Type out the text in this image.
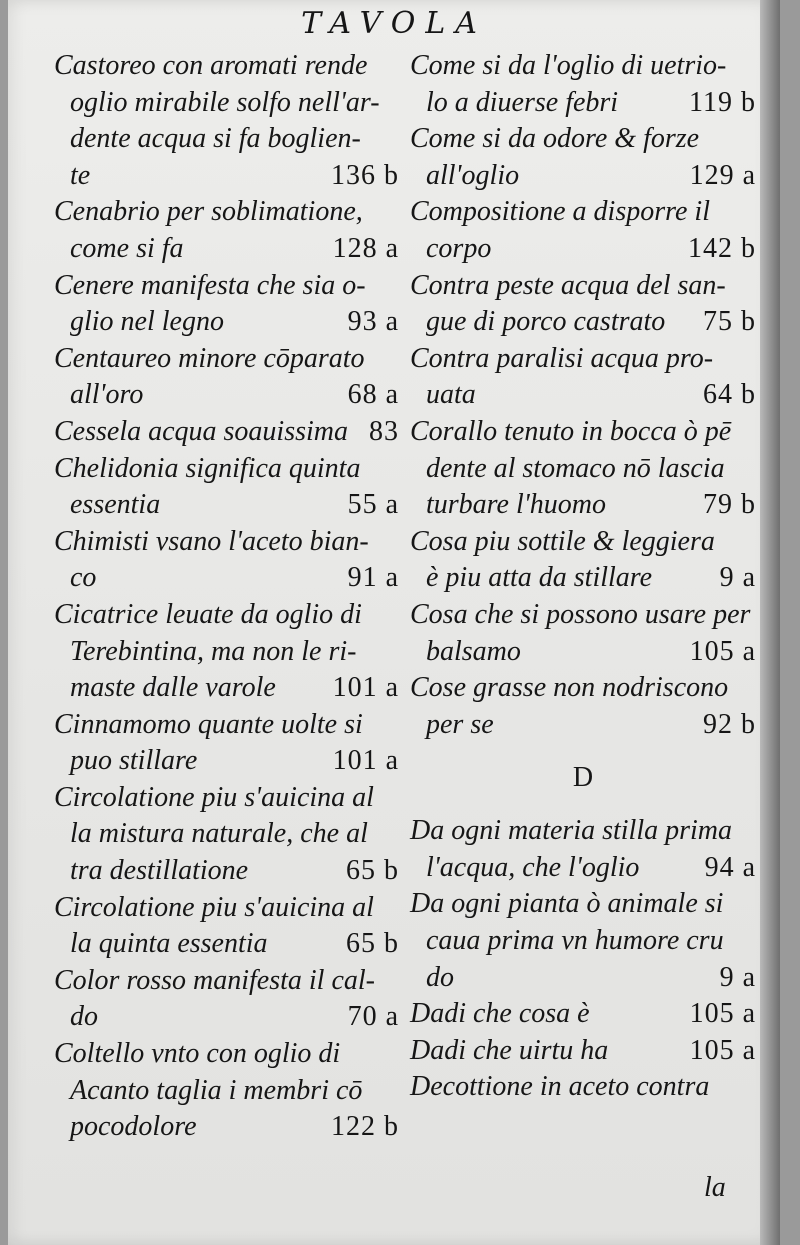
TAVOLA
Castoreo con aromati rende
oglio mirabile solfo nell'ar-
dente acqua si fa boglien-
te	136 b
Cenabrio per soblimatione,
come si fa	128 a
Cenere manifesta che sia o-
glio nel legno	93 a
Centaureo minore cōparato
all'oro	68 a
Cessela acqua soauissima 83
Chelidonia significa quinta
essentia	55 a
Chimisti vsano l'aceto bian-
co	91 a
Cicatrice leuate da oglio di
Terebintina, ma non le ri-
maste dalle varole 101 a
Cinnamomo quante uolte si
puo stillare	101 a
Circolatione piu s'auicina al
la mistura naturale, che al
tra destillatione	65 b
Circolatione piu s'auicina al
la quinta essentia	65 b
Color rosso manifesta il cal-
do	70 a
Coltello vnto con oglio di
Acanto taglia i membri cō
pocodolore	122 b
Come si da l'oglio di uetrio-
lo a diuerse febri	119 b
Come si da odore & forze
all'oglio	129 a
Compositione a disporre il
corpo	142 b
Contra peste acqua del san-
gue di porco castrato 75 b
Contra paralisi acqua pro-
uata	64 b
Corallo tenuto in bocca ò pē
dente al stomaco nō lascia
turbare l'huomo	79 b
Cosa piu sottile & leggiera
è piu atta da stillare 9 a
Cosa che si possono usare per
balsamo	105 a
Cose grasse non nodriscono
per se	92 b
D
Da ogni materia stilla prima
l'acqua, che l'oglio 94 a
Da ogni pianta ò animale si
caua prima vn humore cru
do	9 a
Dadi che cosa è	105 a
Dadi che uirtu ha	105 a
Decottione in aceto contra
la
